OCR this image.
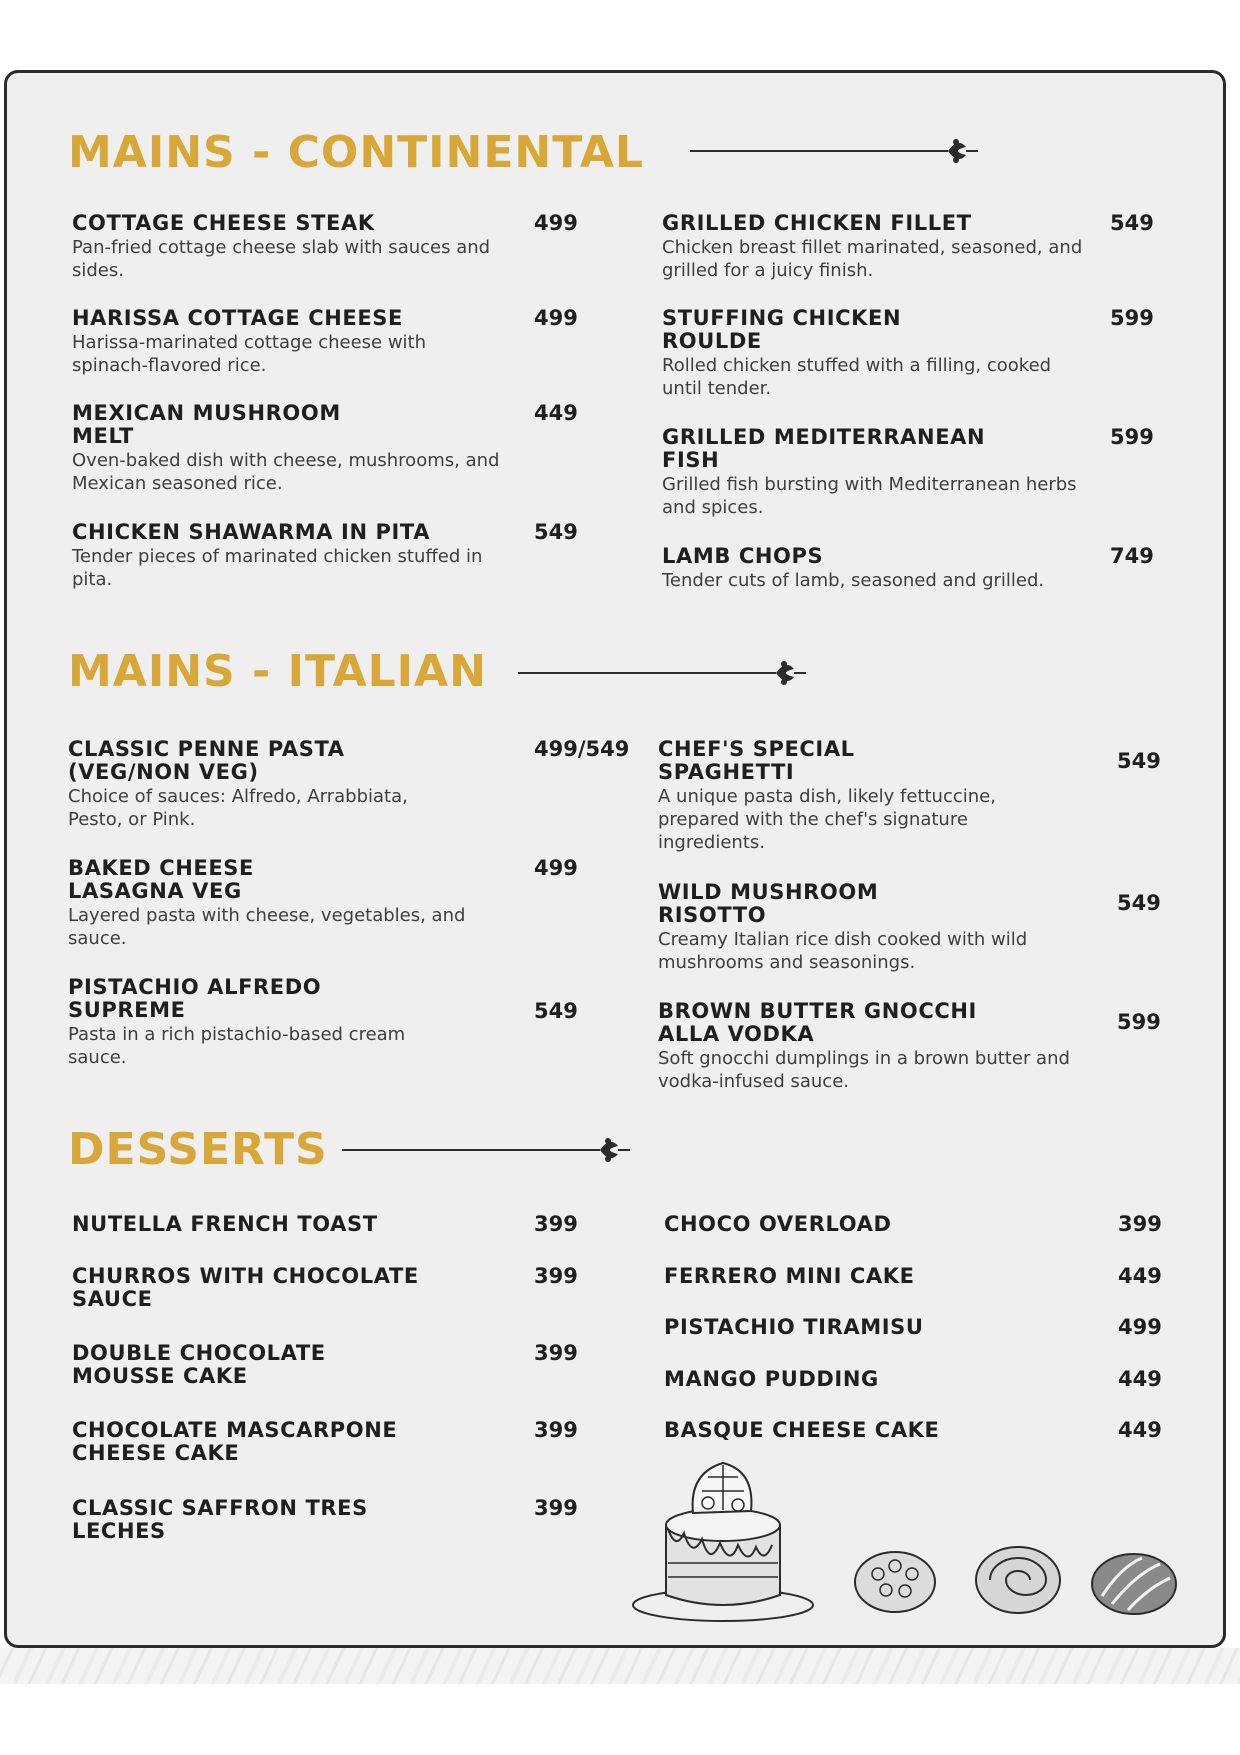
MAINS - CONTINENTAL
COTTAGE CHEESE STEAK
Pan-fried cottage cheese slab with sauces and sides.
499
HARISSA COTTAGE CHEESE
Harissa-marinated cottage cheese with spinach-flavored rice.
499
MEXICAN MUSHROOM MELT
Oven-baked dish with cheese, mushrooms, and Mexican seasoned rice.
449
CHICKEN SHAWARMA IN PITA
Tender pieces of marinated chicken stuffed in pita.
549
GRILLED CHICKEN FILLET
Chicken breast fillet marinated, seasoned, and grilled for a juicy finish.
549
STUFFING CHICKEN ROULDE
Rolled chicken stuffed with a filling, cooked until tender.
599
GRILLED MEDITERRANEAN FISH
Grilled fish bursting with Mediterranean herbs and spices.
599
LAMB CHOPS
Tender cuts of lamb, seasoned and grilled.
749
MAINS - ITALIAN
CLASSIC PENNE PASTA (VEG/NON VEG)
Choice of sauces: Alfredo, Arrabbiata, Pesto, or Pink.
499/549
BAKED CHEESE LASAGNA VEG
Layered pasta with cheese, vegetables, and sauce.
499
PISTACHIO ALFREDO SUPREME
Pasta in a rich pistachio-based cream sauce.
549
CHEF'S SPECIAL SPAGHETTI
A unique pasta dish, likely fettuccine, prepared with the chef's signature ingredients.
549
WILD MUSHROOM RISOTTO
Creamy Italian rice dish cooked with wild mushrooms and seasonings.
549
BROWN BUTTER GNOCCHI ALLA VODKA
Soft gnocchi dumplings in a brown butter and vodka-infused sauce.
599
DESSERTS
NUTELLA FRENCH TOAST	399
CHURROS WITH CHOCOLATE SAUCE
399
DOUBLE CHOCOLATE MOUSSE CAKE
399
CHOCOLATE MASCARPONE CHEESE CAKE
399
CLASSIC SAFFRON TRES LECHES
399
CHOCO OVERLOAD	399
FERRERO MINI CAKE	449
PISTACHIO TIRAMISU	499
MANGO PUDDING	449
BASQUE CHEESE CAKE	449
